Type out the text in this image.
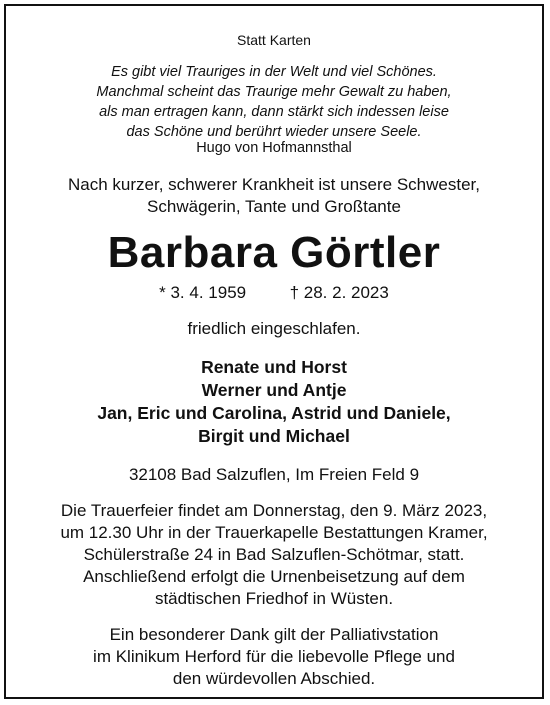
Statt Karten
Es gibt viel Trauriges in der Welt und viel Schönes.
Manchmal scheint das Traurige mehr Gewalt zu haben,
als man ertragen kann, dann stärkt sich indessen leise
das Schöne und berührt wieder unsere Seele.
Hugo von Hofmannsthal
Nach kurzer, schwerer Krankheit ist unsere Schwester,
Schwägerin, Tante und Großtante
Barbara Görtler
* 3. 4. 1959	† 28. 2. 2023
friedlich eingeschlafen.
Renate und Horst
Werner und Antje
Jan, Eric und Carolina, Astrid und Daniele,
Birgit und Michael
32108 Bad Salzuflen, Im Freien Feld 9
Die Trauerfeier findet am Donnerstag, den 9. März 2023,
um 12.30 Uhr in der Trauerkapelle Bestattungen Kramer,
Schülerstraße 24 in Bad Salzuflen-Schötmar, statt.
Anschließend erfolgt die Urnenbeisetzung auf dem
städtischen Friedhof in Wüsten.
Ein besonderer Dank gilt der Palliativstation
im Klinikum Herford für die liebevolle Pflege und
den würdevollen Abschied.
